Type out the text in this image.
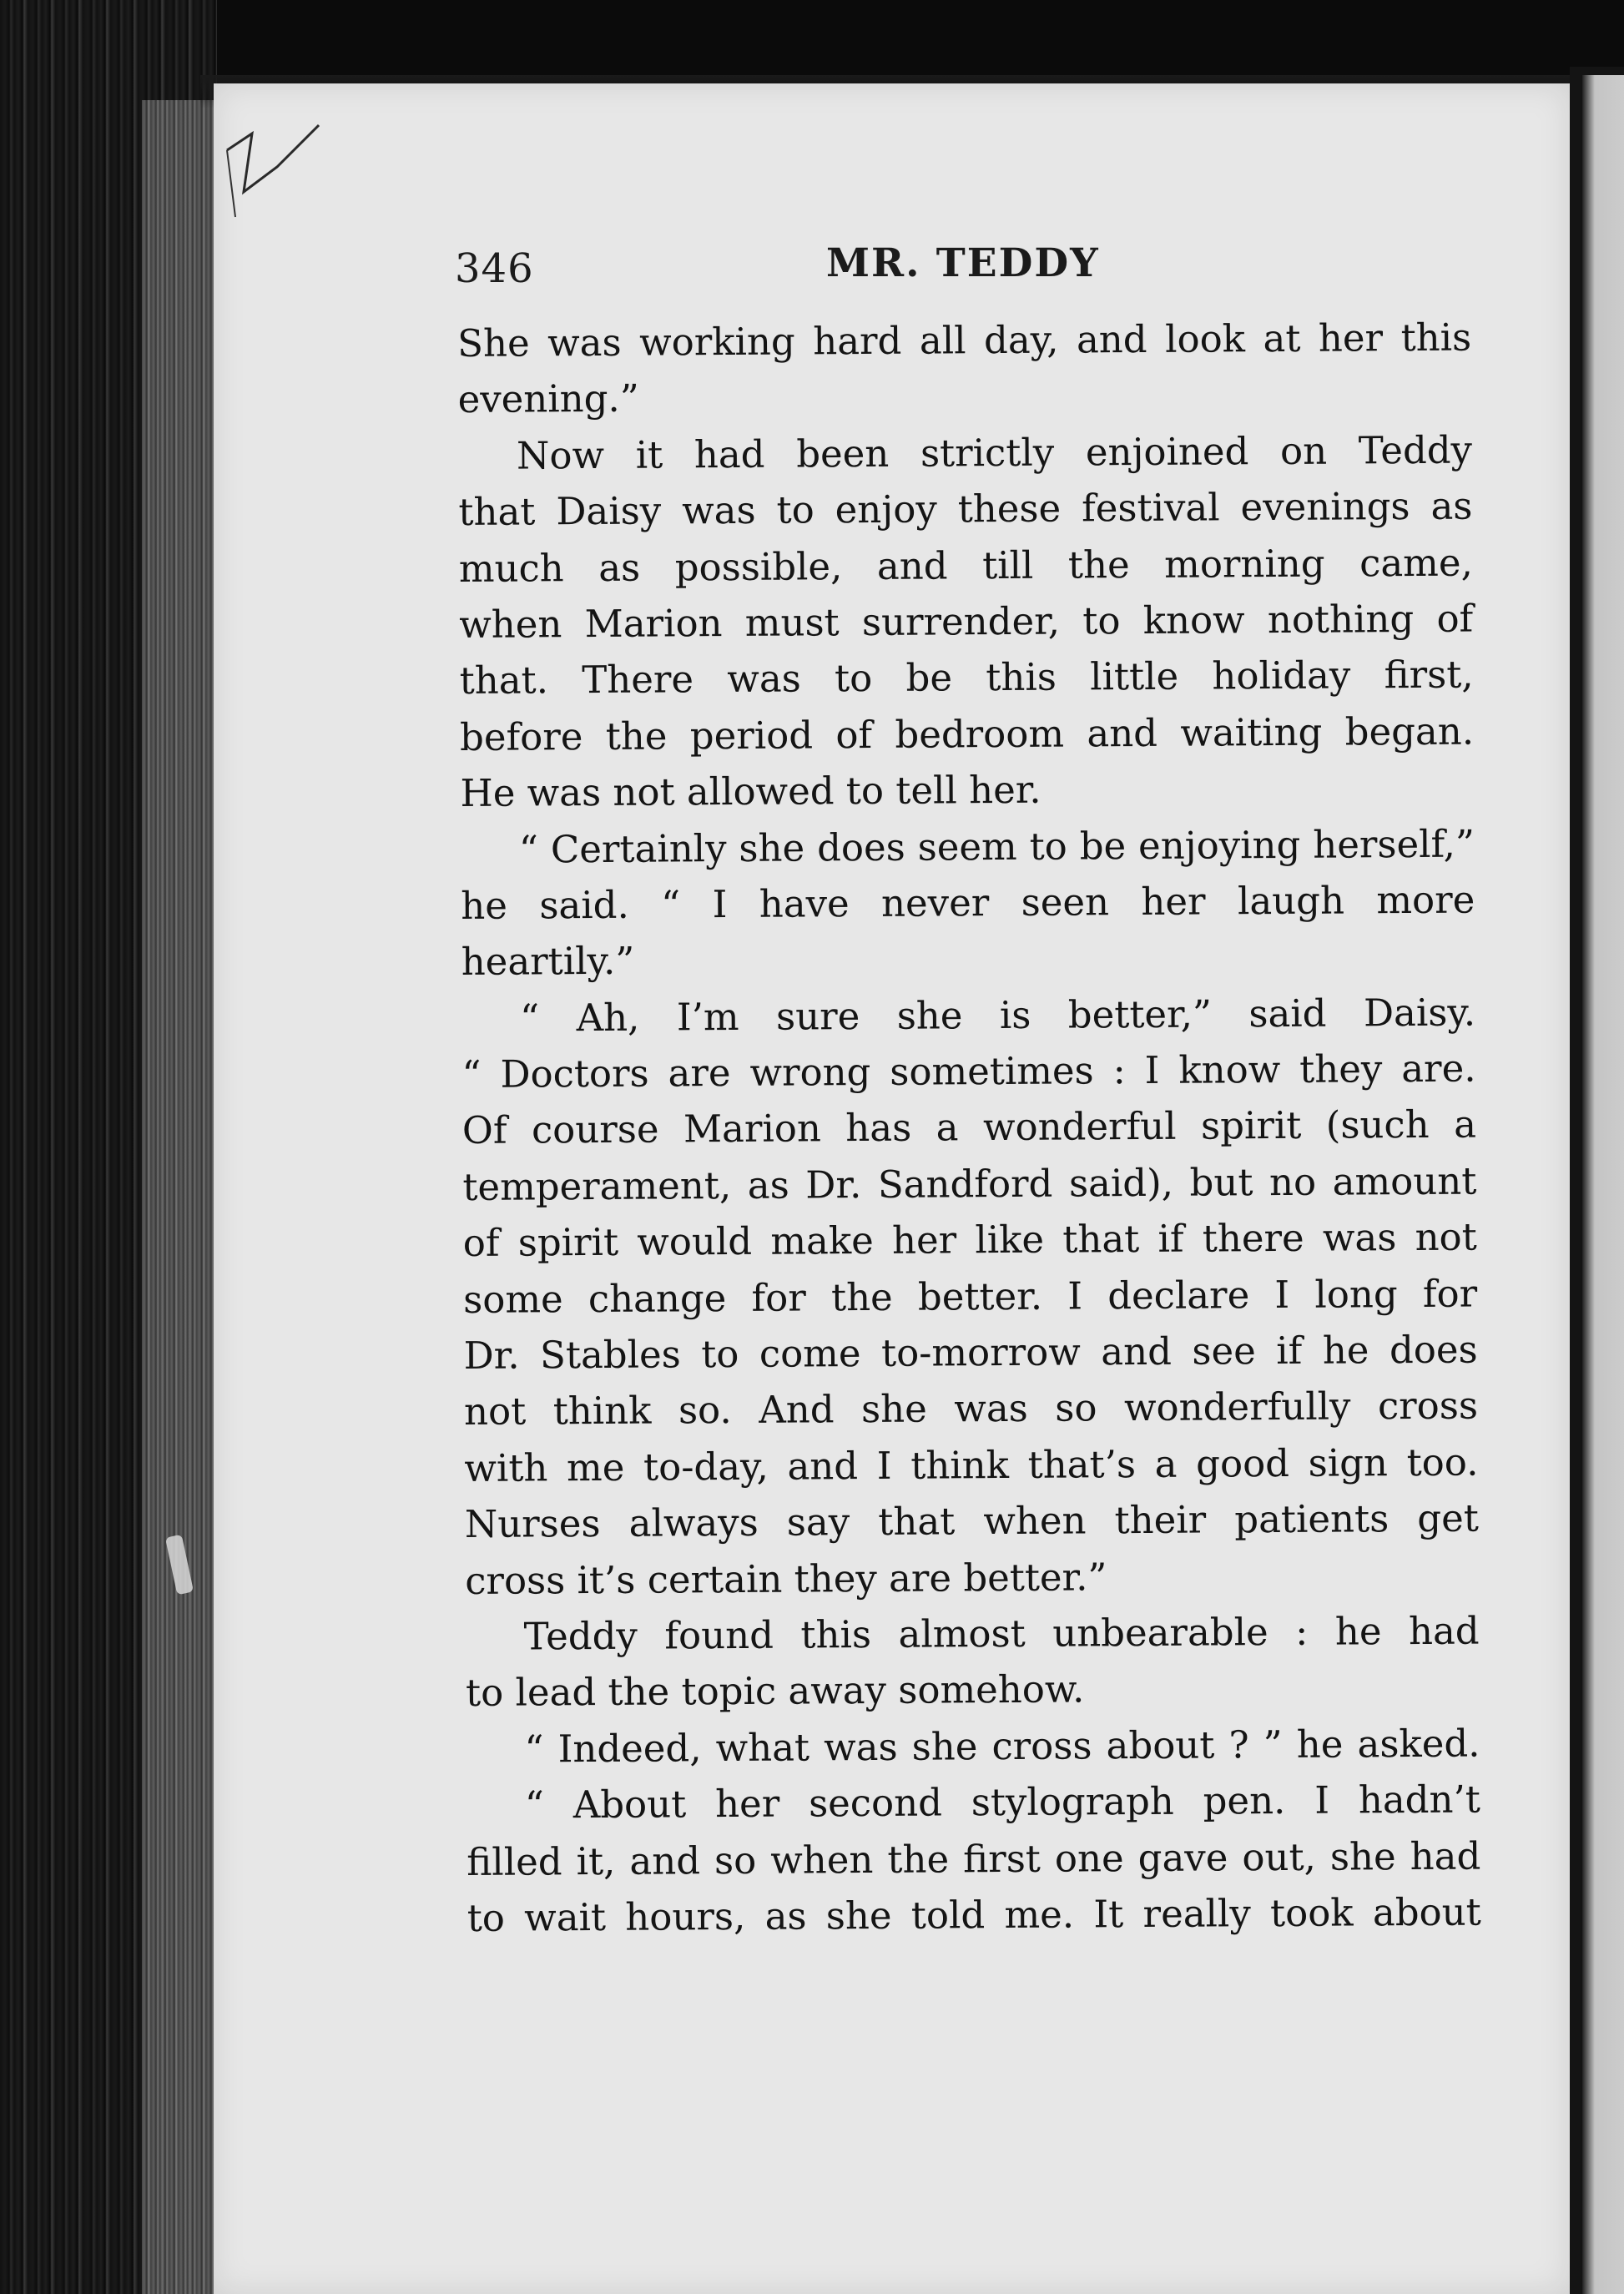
346	MR. TEDDY
She was working hard all day, and look at her this
evening.”
Now it had been strictly enjoined on Teddy
that Daisy was to enjoy these festival evenings as
much as possible, and till the morning came,
when Marion must surrender, to know nothing of
that. There was to be this little holiday first,
before the period of bedroom and waiting began.
He was not allowed to tell her.
“ Certainly she does seem to be enjoying herself,”
he said. “ I have never seen her laugh more
heartily.”
“ Ah, I’m sure she is better,” said Daisy.
“ Doctors are wrong sometimes : I know they are.
Of course Marion has a wonderful spirit (such a
temperament, as Dr. Sandford said), but no amount
of spirit would make her like that if there was not
some change for the better. I declare I long for
Dr. Stables to come to-morrow and see if he does
not think so. And she was so wonderfully cross
with me to-day, and I think that’s a good sign too.
Nurses always say that when their patients get
cross it’s certain they are better.”
Teddy found this almost unbearable : he had
to lead the topic away somehow.
“ Indeed, what was she cross about ? ” he asked.
“ About her second stylograph pen. I hadn’t
filled it, and so when the first one gave out, she had
to wait hours, as she told me. It really took about
